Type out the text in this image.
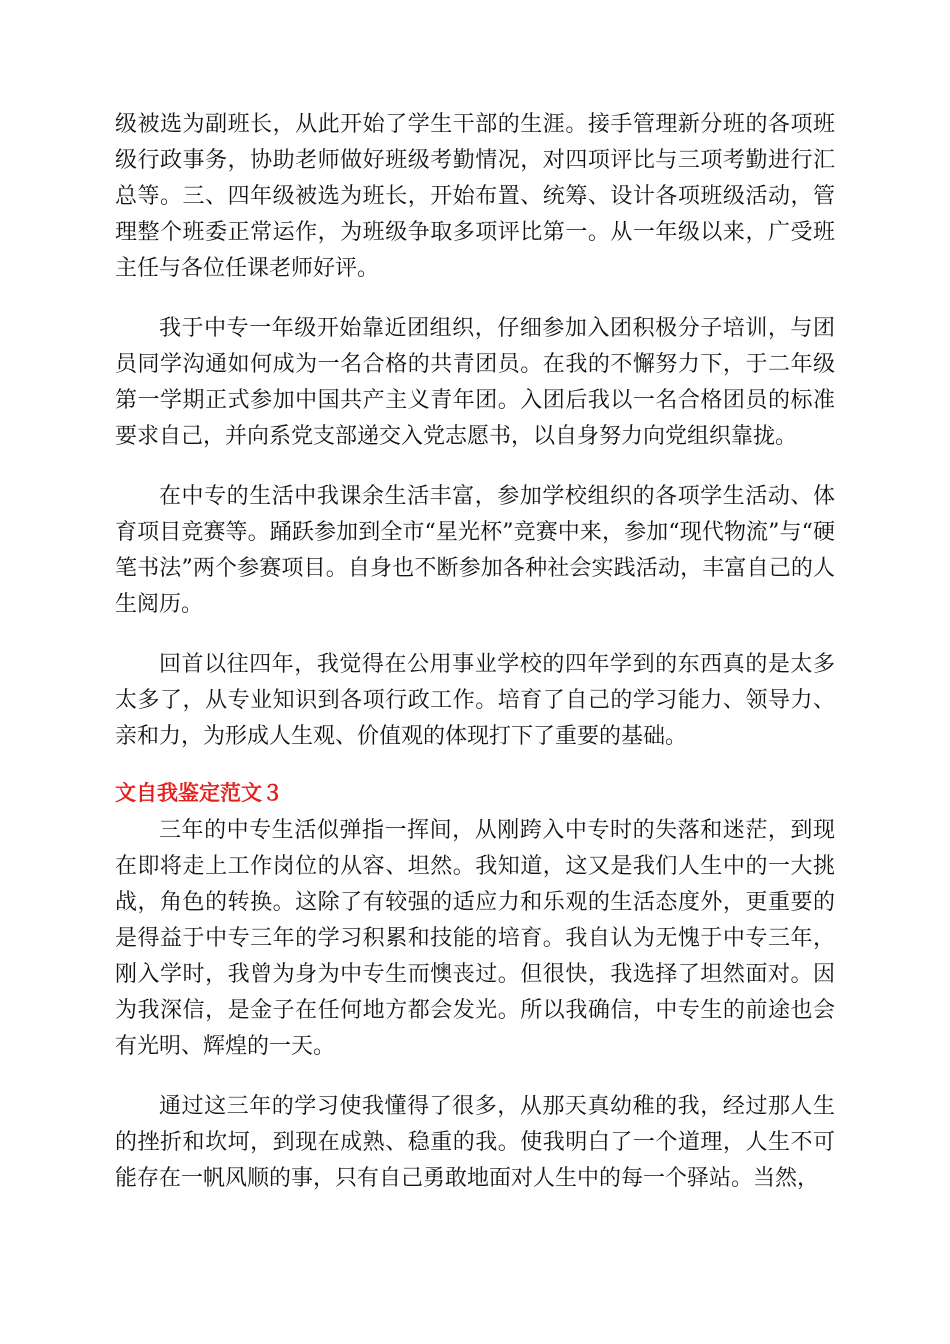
级被选为副班长，从此开始了学生干部的生涯。接手管理新分班的各项班级行政事务，协助老师做好班级考勤情况，对四项评比与三项考勤进行汇总等。三、四年级被选为班长，开始布置、统筹、设计各项班级活动，管理整个班委正常运作，为班级争取多项评比第一。从一年级以来，广受班主任与各位任课老师好评。

我于中专一年级开始靠近团组织，仔细参加入团积极分子培训，与团员同学沟通如何成为一名合格的共青团员。在我的不懈努力下，于二年级第一学期正式参加中国共产主义青年团。入团后我以一名合格团员的标准要求自己，并向系党支部递交入党志愿书，以自身努力向党组织靠拢。

在中专的生活中我课余生活丰富，参加学校组织的各项学生活动、体育项目竞赛等。踊跃参加到全市“星光杯”竞赛中来，参加“现代物流”与“硬笔书法”两个参赛项目。自身也不断参加各种社会实践活动，丰富自己的人生阅历。

回首以往四年，我觉得在公用事业学校的四年学到的东西真的是太多太多了，从专业知识到各项行政工作。培育了自己的学习能力、领导力、亲和力，为形成人生观、价值观的体现打下了重要的基础。

文自我鉴定范文３

三年的中专生活似弹指一挥间，从刚跨入中专时的失落和迷茫，到现在即将走上工作岗位的从容、坦然。我知道，这又是我们人生中的一大挑战，角色的转换。这除了有较强的适应力和乐观的生活态度外，更重要的是得益于中专三年的学习积累和技能的培育。我自认为无愧于中专三年，刚入学时，我曾为身为中专生而懊丧过。但很快，我选择了坦然面对。因为我深信，是金子在任何地方都会发光。所以我确信，中专生的前途也会有光明、辉煌的一天。

通过这三年的学习使我懂得了很多，从那天真幼稚的我，经过那人生的挫折和坎坷，到现在成熟、稳重的我。使我明白了一个道理，人生不可能存在一帆风顺的事，只有自己勇敢地面对人生中的每一个驿站。当然，
